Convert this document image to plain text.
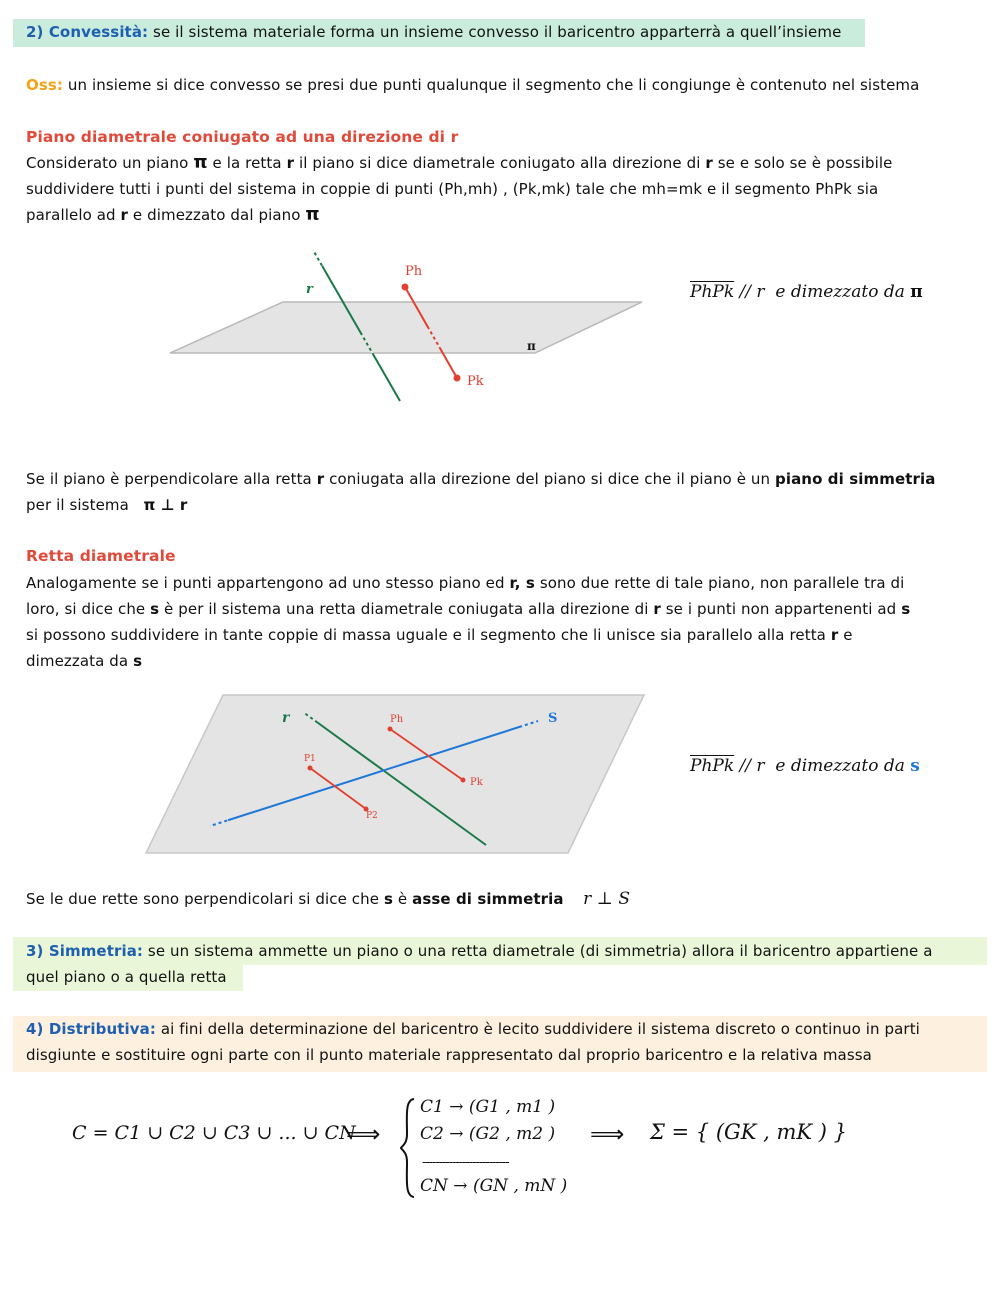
2) Convessità: se il sistema materiale forma un insieme convesso il baricentro apparterrà a quell’insieme
Oss: un insieme si dice convesso se presi due punti qualunque il segmento che li congiunge è contenuto nel sistema
Piano diametrale coniugato ad una direzione di r
Considerato un piano π e la retta r il piano si dice diametrale coniugato alla direzione di r se e solo se è possibile
suddividere tutti i punti del sistema in coppie di punti (Ph,mh) , (Pk,mk) tale che mh=mk e il segmento PhPk sia
parallelo ad r e dimezzato dal piano π
r
Ph
Pk
π
PhPk // r e dimezzato da π
Se il piano è perpendicolare alla retta r coniugata alla direzione del piano si dice che il piano è un piano di simmetria
per il sistema π ⊥ r
Retta diametrale
Analogamente se i punti appartengono ad uno stesso piano ed r, s sono due rette di tale piano, non parallele tra di
loro, si dice che s è per il sistema una retta diametrale coniugata alla direzione di r se i punti non appartenenti ad s
si possono suddividere in tante coppie di massa uguale e il segmento che li unisce sia parallelo alla retta r e
dimezzata da s
r	S
Ph
Pk
P1
P2
PhPk // r e dimezzato da s
Se le due rette sono perpendicolari si dice che s è asse di simmetria r ⊥ S
3) Simmetria: se un sistema ammette un piano o una retta diametrale (di simmetria) allora il baricentro appartiene a
quel piano o a quella retta
4) Distributiva: ai fini della determinazione del baricentro è lecito suddividere il sistema discreto o continuo in parti
disgiunte e sostituire ogni parte con il punto materiale rappresentato dal proprio baricentro e la relativa massa
C = C1 ∪ C2 ∪ C3 ∪ ... ∪ CN
⟹
C1 → (G1 , m1 )
C2 → (G2 , m2 )
--------------------------
CN → (GN , mN )
⟹ Σ = { (GK , mK ) }
